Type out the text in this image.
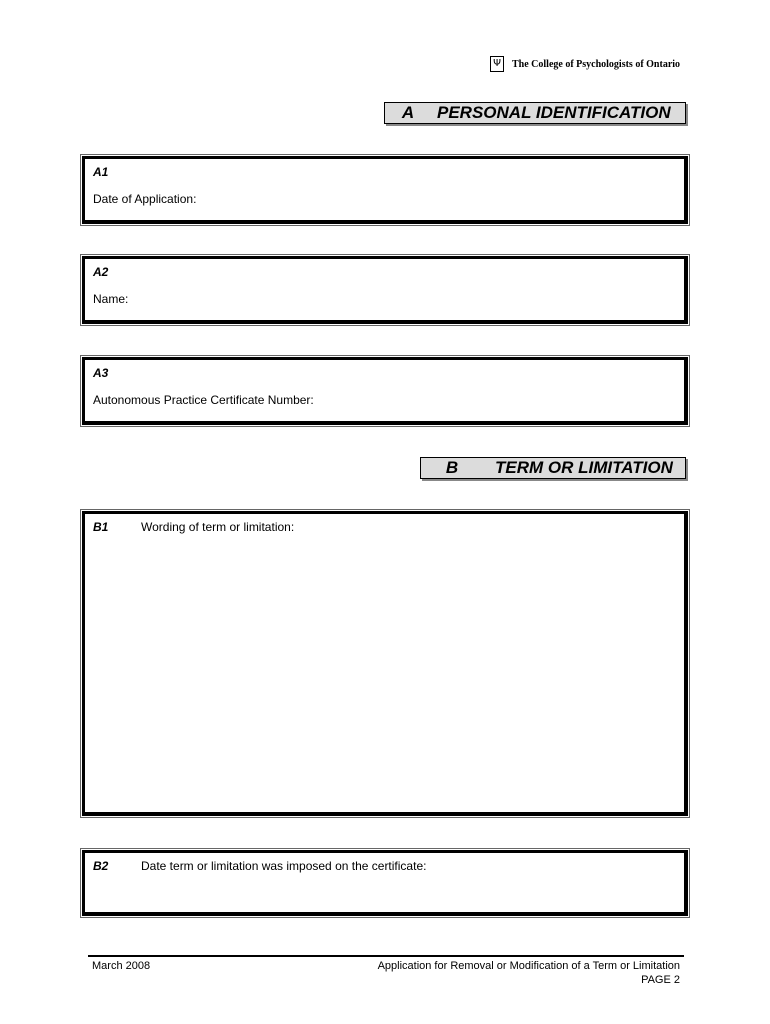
Ψ	The College of Psychologists of Ontario
A	PERSONAL IDENTIFICATION
A1
Date of Application:
A2
Name:
A3
Autonomous Practice Certificate Number:
B	TERM OR LIMITATION
B1	Wording of term or limitation:
B2	Date term or limitation was imposed on the certificate:
March 2008	Application for Removal or Modification of a Term or Limitation
PAGE 2
